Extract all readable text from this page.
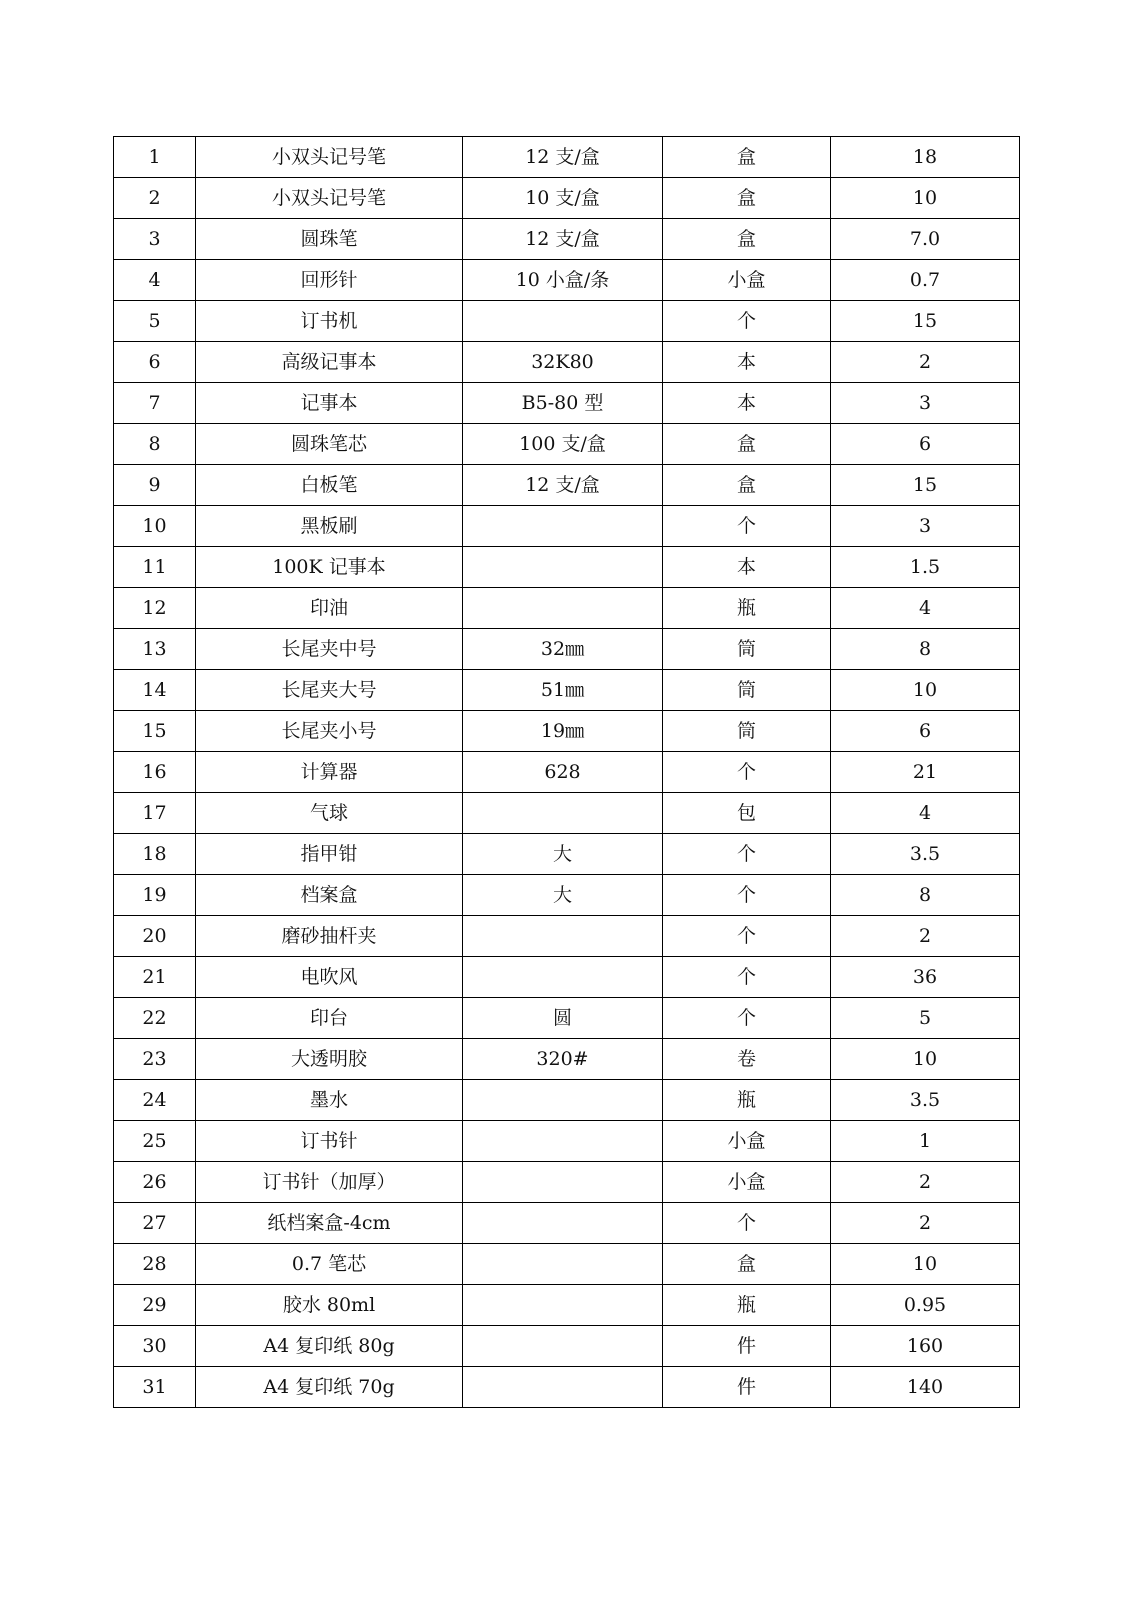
1	小双头记号笔	12 支/盒	盒	18
2	小双头记号笔	10 支/盒	盒	10
3	圆珠笔	12 支/盒	盒	7.0
4	回形针	10 小盒/条	小盒	0.7
5	订书机		个	15
6	高级记事本	32K80	本	2
7	记事本	B5-80 型	本	3
8	圆珠笔芯	100 支/盒	盒	6
9	白板笔	12 支/盒	盒	15
10	黑板刷		个	3
11	100K 记事本		本	1.5
12	印油		瓶	4
13	长尾夹中号	32㎜	筒	8
14	长尾夹大号	51㎜	筒	10
15	长尾夹小号	19㎜	筒	6
16	计算器	628	个	21
17	气球		包	4
18	指甲钳	大	个	3.5
19	档案盒	大	个	8
20	磨砂抽杆夹		个	2
21	电吹风		个	36
22	印台	圆	个	5
23	大透明胶	320#	卷	10
24	墨水		瓶	3.5
25	订书针		小盒	1
26	订书针（加厚）		小盒	2
27	纸档案盒-4cm		个	2
28	0.7 笔芯		盒	10
29	胶水 80ml		瓶	0.95
30	A4 复印纸 80g		件	160
31	A4 复印纸 70g		件	140
